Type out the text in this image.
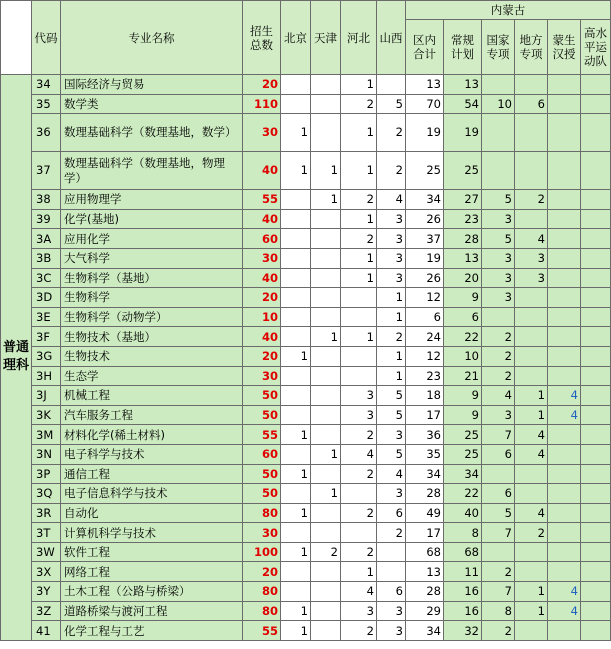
	代码	专业名称	招生总数	北京	天津	河北	山西	内蒙古					
								区内合计	常规计划	国家专项	地方专项	蒙生汉授	高水平运动队
普通理科	34	国际经济与贸易	20			1		13	13				
	35	数学类	110			2	5	70	54	10	6		
	36	数理基础科学（数理基地，数学）	30	1		1	2	19	19				
	37	数理基础科学（数理基地，物理学）	40	1	1	1	2	25	25				
	38	应用物理学	55		1	2	4	34	27	5	2		
	39	化学(基地)	40			1	3	26	23	3			
	3A	应用化学	60			2	3	37	28	5	4		
	3B	大气科学	30			1	3	19	13	3	3		
	3C	生物科学（基地）	40			1	3	26	20	3	3		
	3D	生物科学	20				1	12	9	3			
	3E	生物科学（动物学）	10				1	6	6				
	3F	生物技术（基地）	40		1	1	2	24	22	2			
	3G	生物技术	20	1			1	12	10	2			
	3H	生态学	30				1	23	21	2			
	3J	机械工程	50			3	5	18	9	4	1	4	
	3K	汽车服务工程	50			3	5	17	9	3	1	4	
	3M	材料化学(稀土材料)	55	1		2	3	36	25	7	4		
	3N	电子科学与技术	60		1	4	5	35	25	6	4		
	3P	通信工程	50	1		2	4	34	34				
	3Q	电子信息科学与技术	50		1		3	28	22	6			
	3R	自动化	80	1		2	6	49	40	5	4		
	3T	计算机科学与技术	30				2	17	8	7	2		
	3W	软件工程	100	1	2	2		68	68				
	3X	网络工程	20			1		13	11	2			
	3Y	土木工程（公路与桥梁）	80			4	6	28	16	7	1	4	
	3Z	道路桥梁与渡河工程	80	1		3	3	29	16	8	1	4	
	41	化学工程与工艺	55	1		2	3	34	32	2			
